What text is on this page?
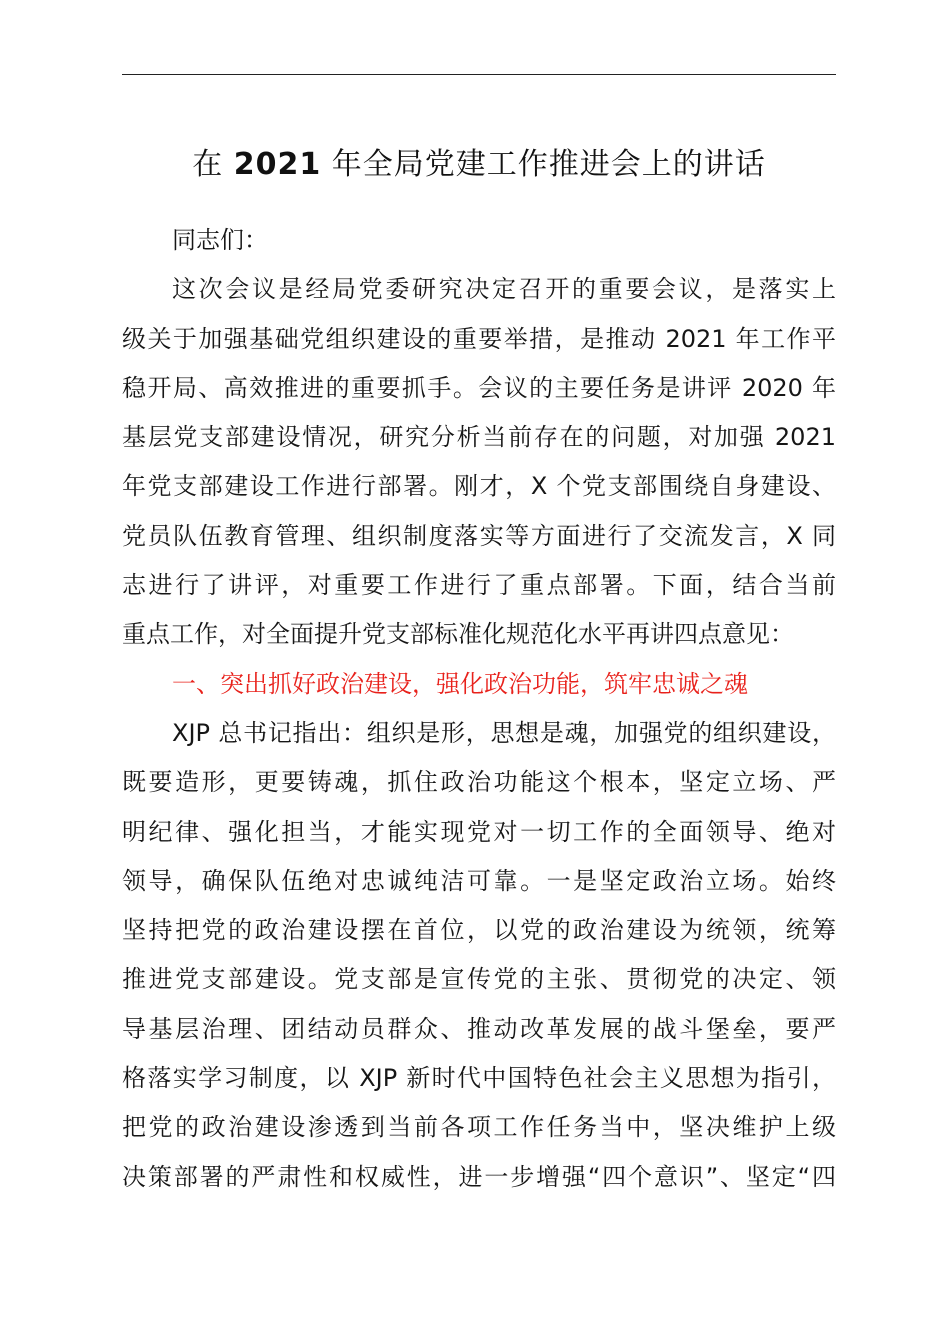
在 2021 年全局党建工作推进会上的讲话
同志们：
这次会议是经局党委研究决定召开的重要会议，是落实上
级关于加强基础党组织建设的重要举措，是推动 2021 年工作平
稳开局、高效推进的重要抓手。会议的主要任务是讲评 2020 年
基层党支部建设情况，研究分析当前存在的问题，对加强 2021
年党支部建设工作进行部署。刚才，X 个党支部围绕自身建设、
党员队伍教育管理、组织制度落实等方面进行了交流发言，X 同
志进行了讲评，对重要工作进行了重点部署。下面，结合当前
重点工作，对全面提升党支部标准化规范化水平再讲四点意见：
一、突出抓好政治建设，强化政治功能，筑牢忠诚之魂
XJP 总书记指出：组织是形，思想是魂，加强党的组织建设，
既要造形，更要铸魂，抓住政治功能这个根本，坚定立场、严
明纪律、强化担当，才能实现党对一切工作的全面领导、绝对
领导，确保队伍绝对忠诚纯洁可靠。一是坚定政治立场。始终
坚持把党的政治建设摆在首位，以党的政治建设为统领，统筹
推进党支部建设。党支部是宣传党的主张、贯彻党的决定、领
导基层治理、团结动员群众、推动改革发展的战斗堡垒，要严
格落实学习制度，以 XJP 新时代中国特色社会主义思想为指引，
把党的政治建设渗透到当前各项工作任务当中，坚决维护上级
决策部署的严肃性和权威性，进一步增强“四个意识”、坚定“四
